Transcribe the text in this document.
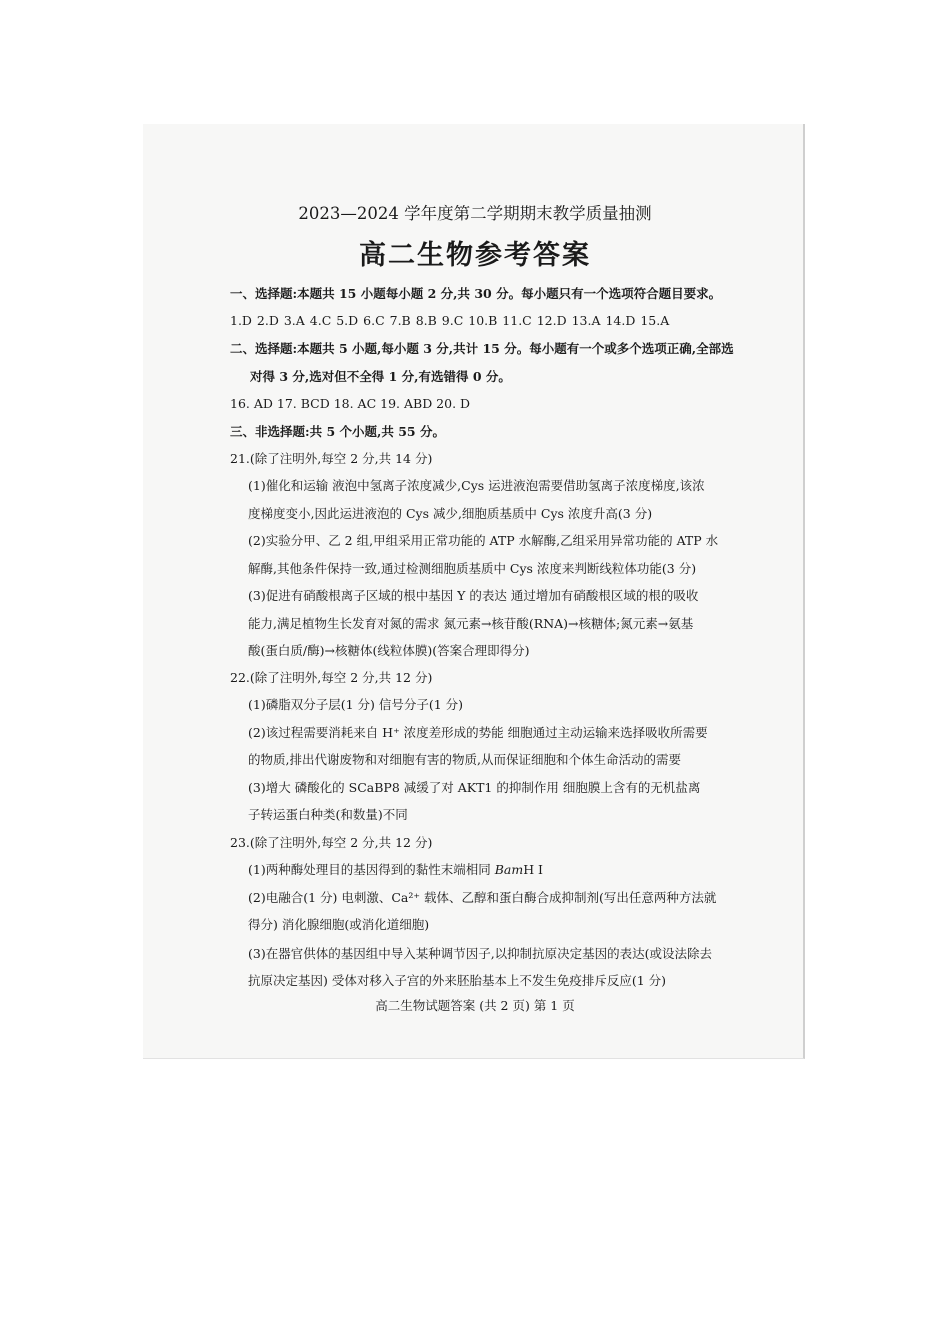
2023—2024 学年度第二学期期末教学质量抽测
高二生物参考答案
一、选择题:本题共 15 小题每小题 2 分,共 30 分。每小题只有一个选项符合题目要求。
1.D 2.D 3.A 4.C 5.D 6.C 7.B 8.B 9.C 10.B 11.C 12.D 13.A 14.D 15.A
二、选择题:本题共 5 小题,每小题 3 分,共计 15 分。每小题有一个或多个选项正确,全部选
对得 3 分,选对但不全得 1 分,有选错得 0 分。
16. AD 17. BCD 18. AC 19. ABD 20. D
三、非选择题:共 5 个小题,共 55 分。
21.(除了注明外,每空 2 分,共 14 分)
(1)催化和运输 液泡中氢离子浓度减少,Cys 运进液泡需要借助氢离子浓度梯度,该浓
度梯度变小,因此运进液泡的 Cys 减少,细胞质基质中 Cys 浓度升高(3 分)
(2)实验分甲、乙 2 组,甲组采用正常功能的 ATP 水解酶,乙组采用异常功能的 ATP 水
解酶,其他条件保持一致,通过检测细胞质基质中 Cys 浓度来判断线粒体功能(3 分)
(3)促进有硝酸根离子区域的根中基因 Y 的表达 通过增加有硝酸根区域的根的吸收
能力,满足植物生长发育对氮的需求 氮元素→核苷酸(RNA)→核糖体;氮元素→氨基
酸(蛋白质/酶)→核糖体(线粒体膜)(答案合理即得分)
22.(除了注明外,每空 2 分,共 12 分)
(1)磷脂双分子层(1 分) 信号分子(1 分)
(2)该过程需要消耗来自 H⁺ 浓度差形成的势能 细胞通过主动运输来选择吸收所需要
的物质,排出代谢废物和对细胞有害的物质,从而保证细胞和个体生命活动的需要
(3)增大 磷酸化的 SCaBP8 减缓了对 AKT1 的抑制作用 细胞膜上含有的无机盐离
子转运蛋白种类(和数量)不同
23.(除了注明外,每空 2 分,共 12 分)
(1)两种酶处理目的基因得到的黏性末端相同 BamH Ⅰ
(2)电融合(1 分) 电刺激、Ca²⁺ 载体、乙醇和蛋白酶合成抑制剂(写出任意两种方法就
得分) 消化腺细胞(或消化道细胞)
(3)在器官供体的基因组中导入某种调节因子,以抑制抗原决定基因的表达(或设法除去
抗原决定基因) 受体对移入子宫的外来胚胎基本上不发生免疫排斥反应(1 分)
高二生物试题答案 (共 2 页) 第 1 页
